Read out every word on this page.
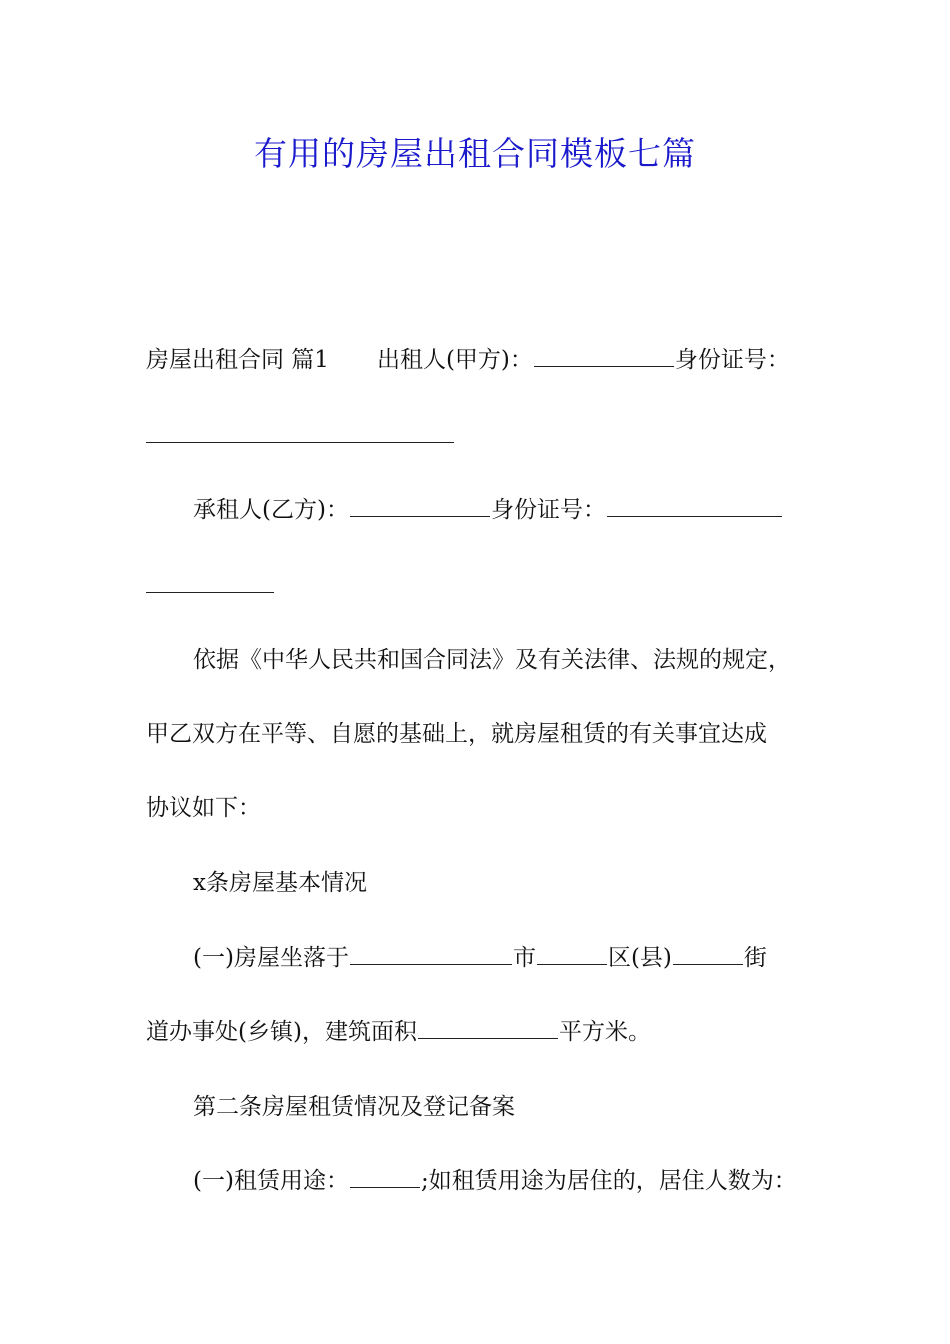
有用的房屋出租合同模板七篇
房屋出租合同 篇1 出租人(甲方)：	身份证号：
承租人(乙方)：	身份证号：
依据《中华人民共和国合同法》及有关法律、法规的规定，
甲乙双方在平等、自愿的基础上，就房屋租赁的有关事宜达成
协议如下：
x条房屋基本情况
(一)房屋坐落于	市	区(县)	街
道办事处(乡镇)，建筑面积	平方米。
第二条房屋租赁情况及登记备案
(一)租赁用途：	;如租赁用途为居住的，居住人数为：
